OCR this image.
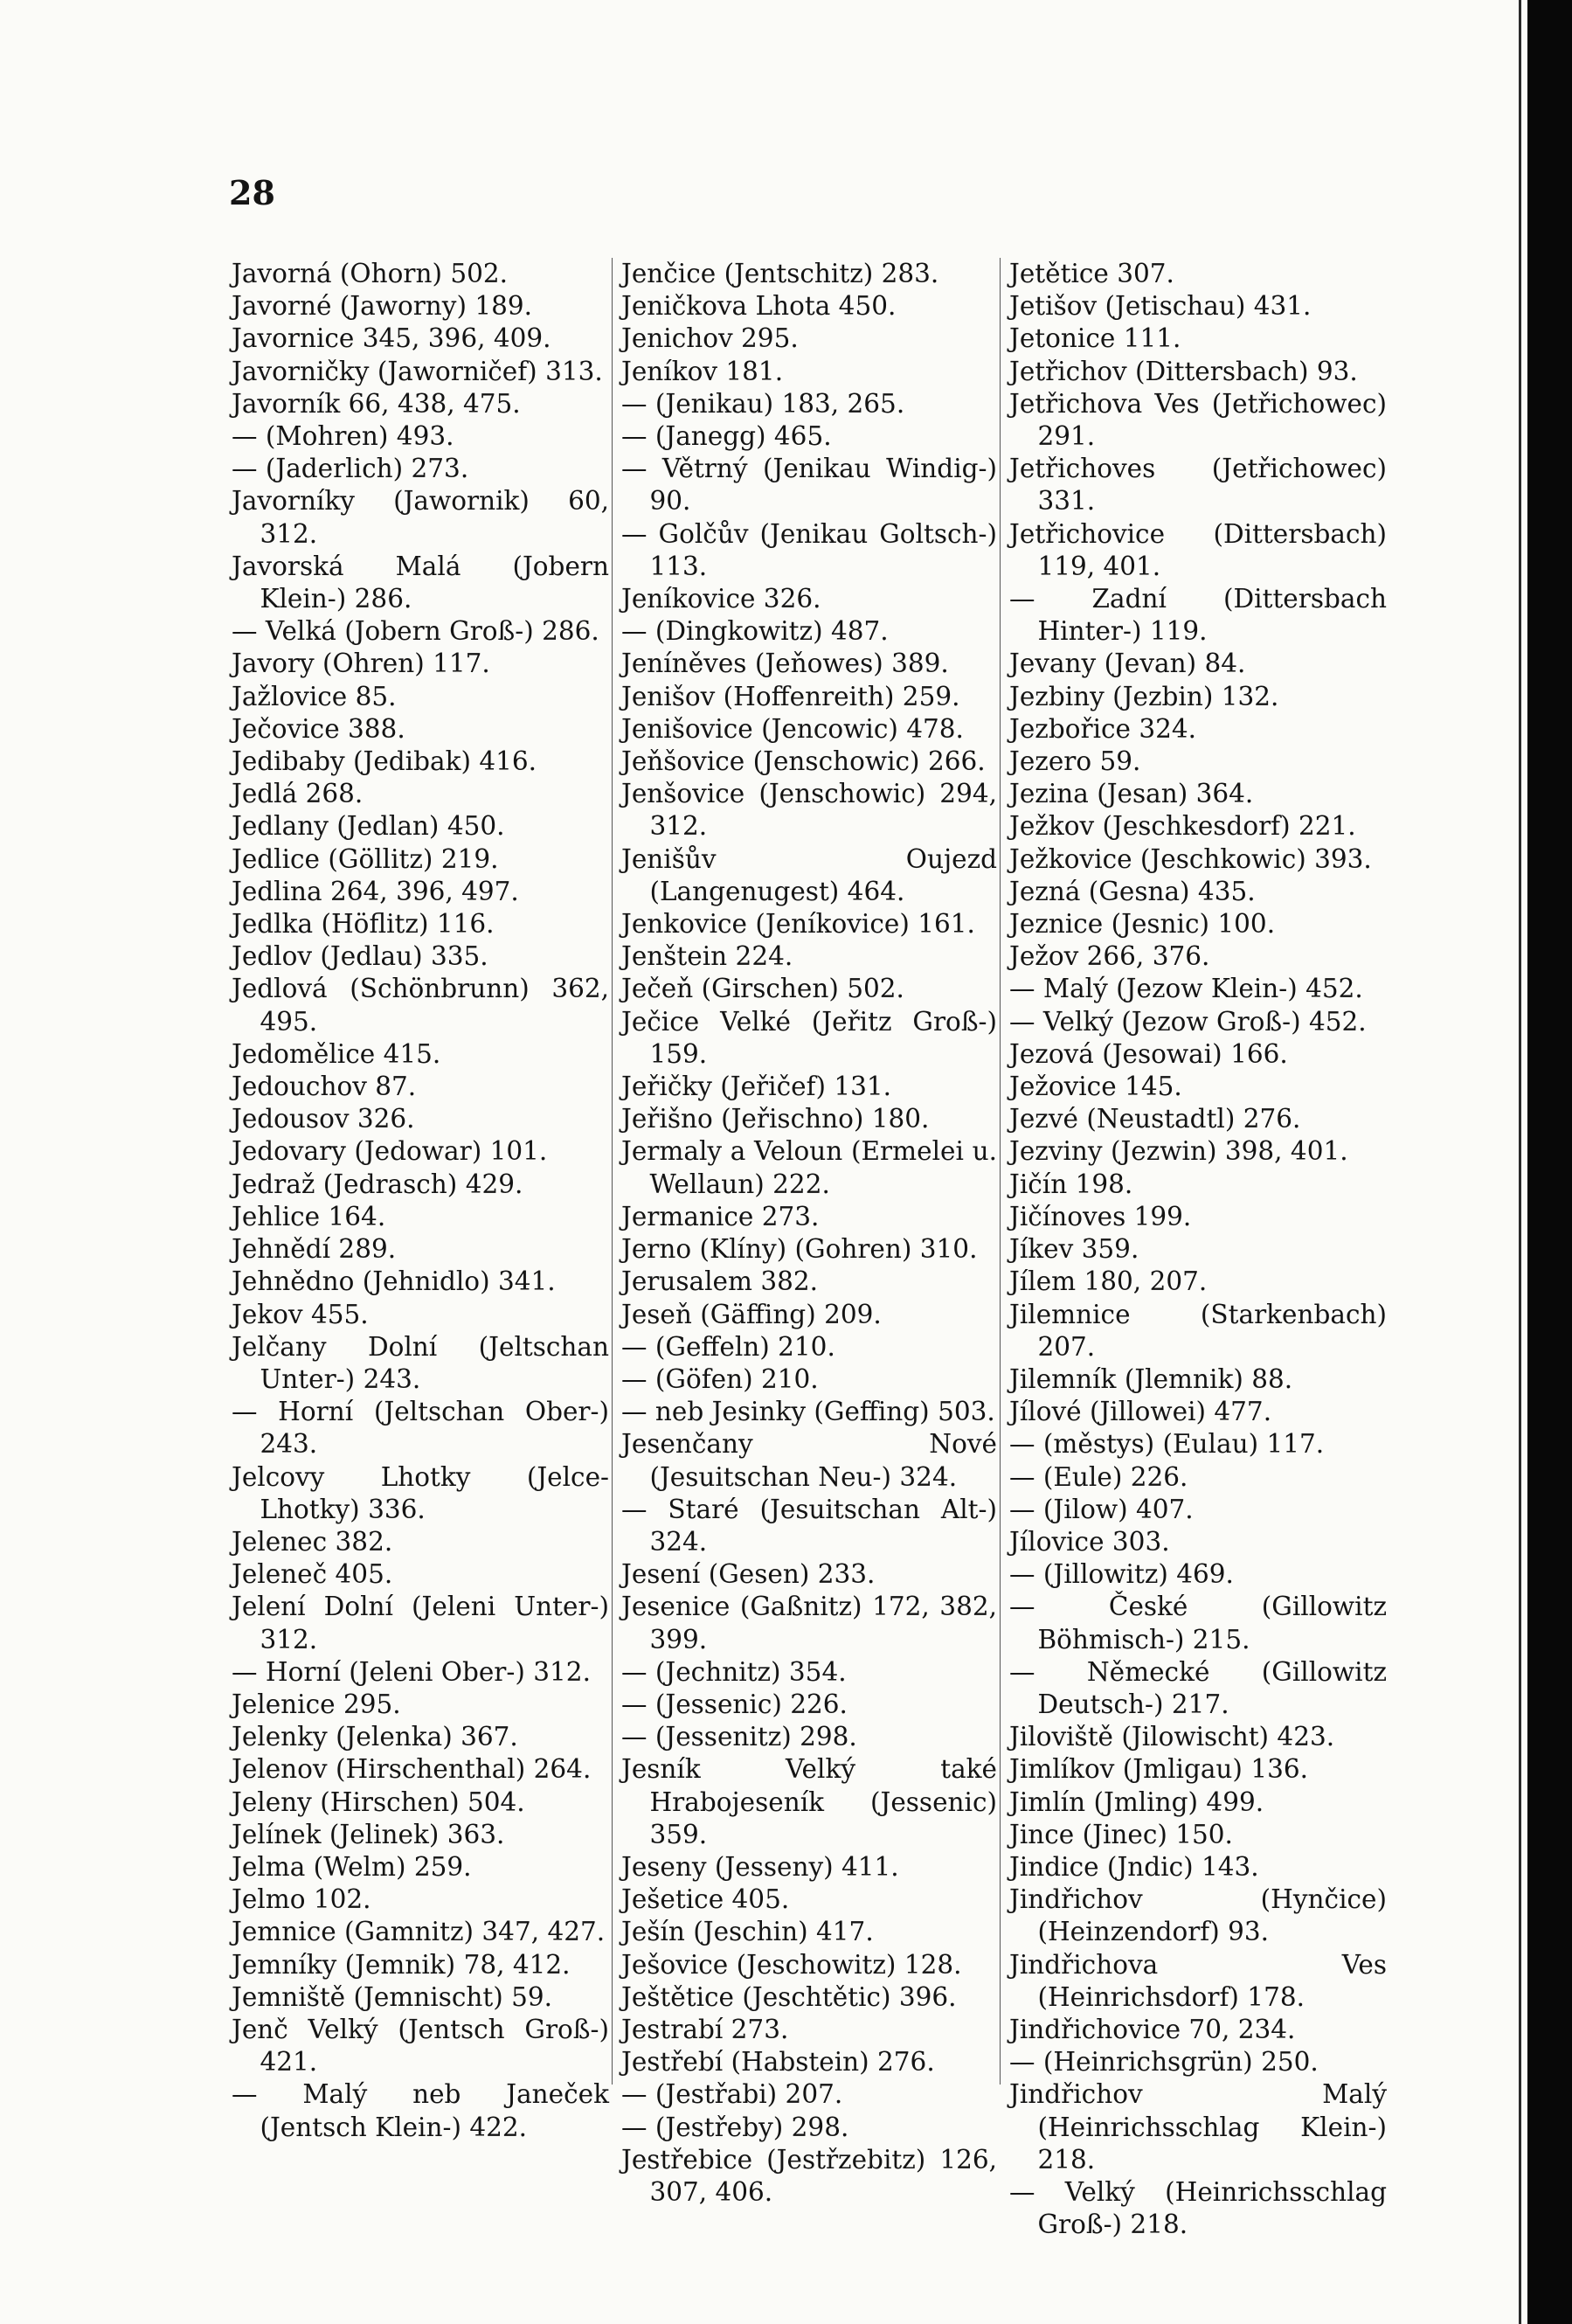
28
Javorná (Ohorn) 502.
Javorné (Jaworny) 189.
Javornice 345, 396, 409.
Javorničky (Jaworničef) 313.
Javorník 66, 438, 475.
— (Mohren) 493.
— (Jaderlich) 273.
Javorníky (Jawornik) 60, 312.
Javorská Malá (Jobern Klein-) 286.
— Velká (Jobern Groß-) 286.
Javory (Ohren) 117.
Jažlovice 85.
Ječovice 388.
Jedibaby (Jedibak) 416.
Jedlá 268.
Jedlany (Jedlan) 450.
Jedlice (Göllitz) 219.
Jedlina 264, 396, 497.
Jedlka (Höflitz) 116.
Jedlov (Jedlau) 335.
Jedlová (Schönbrunn) 362, 495.
Jedomělice 415.
Jedouchov 87.
Jedousov 326.
Jedovary (Jedowar) 101.
Jedraž (Jedrasch) 429.
Jehlice 164.
Jehnědí 289.
Jehnědno (Jehnidlo) 341.
Jekov 455.
Jelčany Dolní (Jeltschan Unter-) 243.
— Horní (Jeltschan Ober-) 243.
Jelcovy Lhotky (Jelce-Lhotky) 336.
Jelenec 382.
Jeleneč 405.
Jelení Dolní (Jeleni Unter-) 312.
— Horní (Jeleni Ober-) 312.
Jelenice 295.
Jelenky (Jelenka) 367.
Jelenov (Hirschenthal) 264.
Jeleny (Hirschen) 504.
Jelínek (Jelinek) 363.
Jelma (Welm) 259.
Jelmo 102.
Jemnice (Gamnitz) 347, 427.
Jemníky (Jemnik) 78, 412.
Jemniště (Jemnischt) 59.
Jenč Velký (Jentsch Groß-) 421.
— Malý neb Janeček (Jentsch Klein-) 422.
Jenčice (Jentschitz) 283.
Jeničkova Lhota 450.
Jenichov 295.
Jeníkov 181.
— (Jenikau) 183, 265.
— (Janegg) 465.
— Větrný (Jenikau Windig-) 90.
— Golčův (Jenikau Goltsch-) 113.
Jeníkovice 326.
— (Dingkowitz) 487.
Jeníněves (Jeňowes) 389.
Jenišov (Hoffenreith) 259.
Jenišovice (Jencowic) 478.
Jeňšovice (Jenschowic) 266.
Jenšovice (Jenschowic) 294, 312.
Jenišův Oujezd (Langenugest) 464.
Jenkovice (Jeníkovice) 161.
Jenštein 224.
Ječeň (Girschen) 502.
Ječice Velké (Jeřitz Groß-) 159.
Jeřičky (Jeřičef) 131.
Jeřišno (Jeřischno) 180.
Jermaly a Veloun (Ermelei u. Wellaun) 222.
Jermanice 273.
Jerno (Klíny) (Gohren) 310.
Jerusalem 382.
Jeseň (Gäffing) 209.
— (Geffeln) 210.
— (Göfen) 210.
— neb Jesinky (Geffing) 503.
Jesenčany Nové (Jesuitschan Neu-) 324.
— Staré (Jesuitschan Alt-) 324.
Jesení (Gesen) 233.
Jesenice (Gaßnitz) 172, 382, 399.
— (Jechnitz) 354.
— (Jessenic) 226.
— (Jessenitz) 298.
Jesník Velký také Hrabojeseník (Jessenic) 359.
Jeseny (Jesseny) 411.
Ješetice 405.
Ješín (Jeschin) 417.
Ješovice (Jeschowitz) 128.
Ještětice (Jeschtětic) 396.
Jestrabí 273.
Jestřebí (Habstein) 276.
— (Jestřabi) 207.
— (Jestřeby) 298.
Jestřebice (Jestřzebitz) 126, 307, 406.
Jetětice 307.
Jetišov (Jetischau) 431.
Jetonice 111.
Jetřichov (Dittersbach) 93.
Jetřichova Ves (Jetřichowec) 291.
Jetřichoves (Jetřichowec) 331.
Jetřichovice (Dittersbach) 119, 401.
— Zadní (Dittersbach Hinter-) 119.
Jevany (Jevan) 84.
Jezbiny (Jezbin) 132.
Jezbořice 324.
Jezero 59.
Jezina (Jesan) 364.
Ježkov (Jeschkesdorf) 221.
Ježkovice (Jeschkowic) 393.
Jezná (Gesna) 435.
Jeznice (Jesnic) 100.
Ježov 266, 376.
— Malý (Jezow Klein-) 452.
— Velký (Jezow Groß-) 452.
Jezová (Jesowai) 166.
Ježovice 145.
Jezvé (Neustadtl) 276.
Jezviny (Jezwin) 398, 401.
Jičín 198.
Jičínoves 199.
Jíkev 359.
Jílem 180, 207.
Jilemnice (Starkenbach) 207.
Jilemník (Jlemnik) 88.
Jílové (Jillowei) 477.
— (městys) (Eulau) 117.
— (Eule) 226.
— (Jilow) 407.
Jílovice 303.
— (Jillowitz) 469.
— České (Gillowitz Böhmisch-) 215.
— Německé (Gillowitz Deutsch-) 217.
Jiloviště (Jilowischt) 423.
Jimlíkov (Jmligau) 136.
Jimlín (Jmling) 499.
Jince (Jinec) 150.
Jindice (Jndic) 143.
Jindřichov (Hynčice) (Heinzendorf) 93.
Jindřichova Ves (Heinrichsdorf) 178.
Jindřichovice 70, 234.
— (Heinrichsgrün) 250.
Jindřichov Malý (Heinrichsschlag Klein-) 218.
— Velký (Heinrichsschlag Groß-) 218.
